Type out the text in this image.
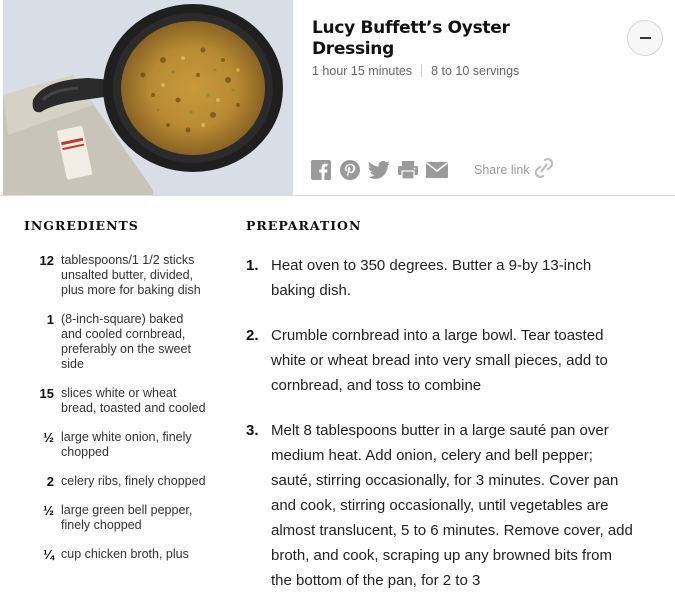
Lucy Buffett’s Oyster Dressing
1 hour 15 minutes 8 to 10 servings
Share link
INGREDIENTS
12 tablespoons/1 1/2 sticks unsalted butter, divided, plus more for baking dish
1 (8-inch-square) baked and cooled cornbread, preferably on the sweet side
15 slices white or wheat bread, toasted and cooled
½ large white onion, finely chopped
2 celery ribs, finely chopped
½ large green bell pepper, finely chopped
¼ cup chicken broth, plus
PREPARATION
1. Heat oven to 350 degrees. Butter a 9-by 13-inch baking dish.
2. Crumble cornbread into a large bowl. Tear toasted white or wheat bread into very small pieces, add to cornbread, and toss to combine
3. Melt 8 tablespoons butter in a large sauté pan over medium heat. Add onion, celery and bell pepper; sauté, stirring occasionally, for 3 minutes. Cover pan and cook, stirring occasionally, until vegetables are almost translucent, 5 to 6 minutes. Remove cover, add broth, and cook, scraping up any browned bits from the bottom of the pan, for 2 to 3
